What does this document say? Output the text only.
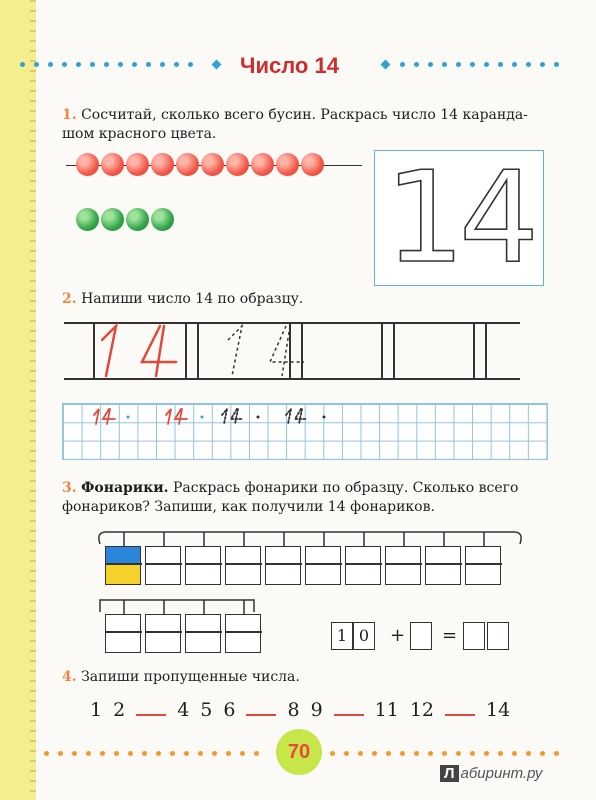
Число 14
1. Сосчитай, сколько всего бусин. Раскрась число 14 каранда-
шом красного цвета.
14
2. Напиши число 14 по образцу.
3. Фонарики. Раскрась фонарики по образцу. Сколько всего
фонариков? Запиши, как получили 14 фонариков.
1 0	+ =
4. Запиши пропущенные числа.
1 2	4 5 6	8 9	11 12	14
70
Л абиринт.ру
